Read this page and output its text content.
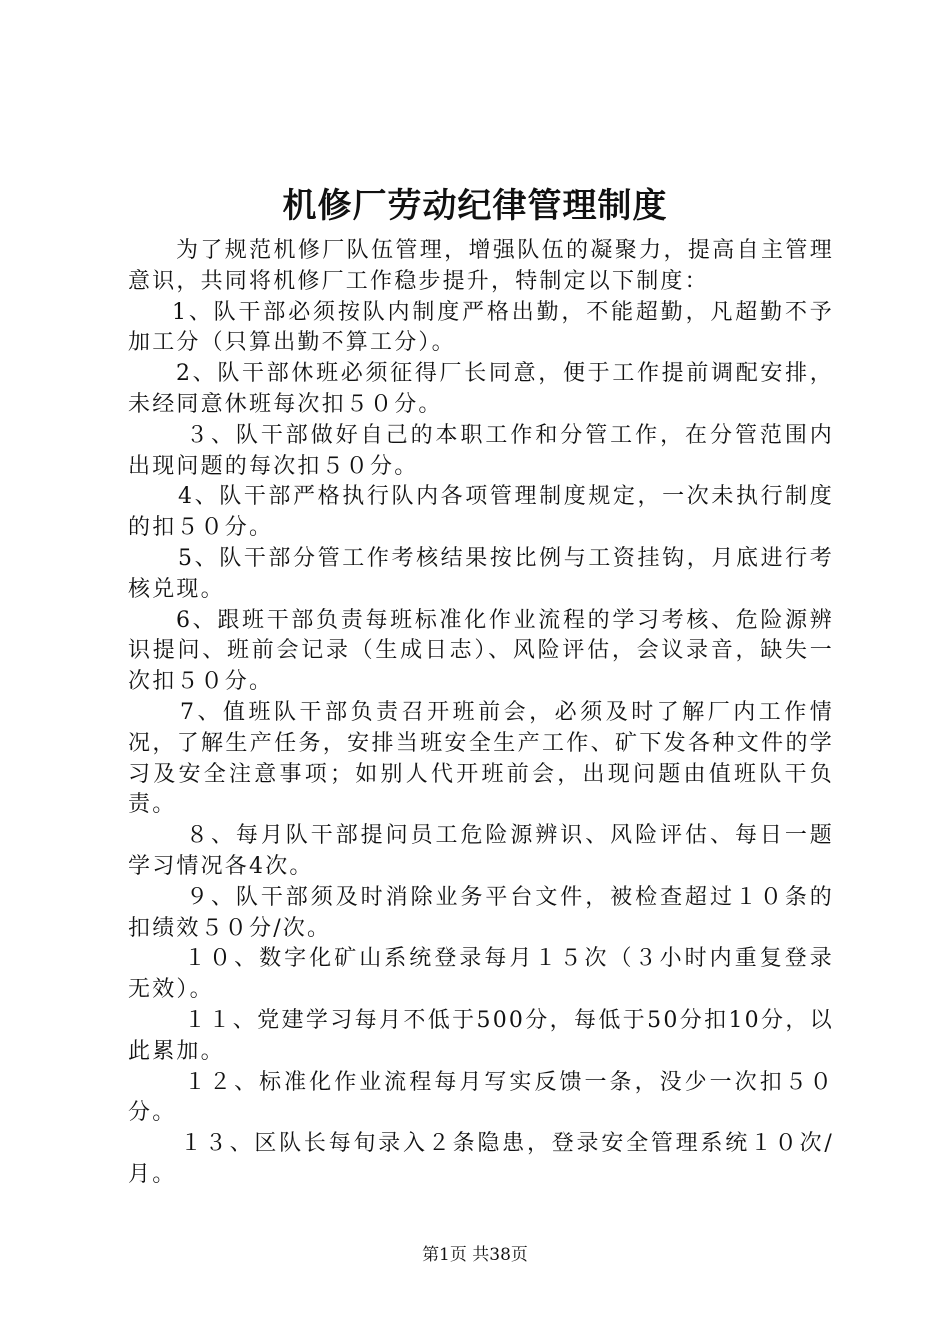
机修厂劳动纪律管理制度

为了规范机修厂队伍管理，增强队伍的凝聚力，提高自主管理意识，共同将机修厂工作稳步提升，特制定以下制度：

1、队干部必须按队内制度严格出勤，不能超勤，凡超勤不予加工分（只算出勤不算工分）。

2、队干部休班必须征得厂长同意，便于工作提前调配安排，未经同意休班每次扣５０分。

３、队干部做好自己的本职工作和分管工作，在分管范围内出现问题的每次扣５０分。

4、队干部严格执行队内各项管理制度规定，一次未执行制度的扣５０分。

5、队干部分管工作考核结果按比例与工资挂钩，月底进行考核兑现。

6、跟班干部负责每班标准化作业流程的学习考核、危险源辨识提问、班前会记录（生成日志）、风险评估，会议录音，缺失一次扣５０分。

7、值班队干部负责召开班前会，必须及时了解厂内工作情况，了解生产任务，安排当班安全生产工作、矿下发各种文件的学习及安全注意事项；如别人代开班前会，出现问题由值班队干负责。

８、每月队干部提问员工危险源辨识、风险评估、每日一题学习情况各4次。

９、队干部须及时消除业务平台文件，被检查超过１０条的扣绩效５０分/次。

１０、数字化矿山系统登录每月１５次（３小时内重复登录无效）。

１１、党建学习每月不低于500分，每低于50分扣10分，以此累加。

１２、标准化作业流程每月写实反馈一条，没少一次扣５０分。

１３、区队长每旬录入２条隐患，登录安全管理系统１０次/月。

第1页 共38页
